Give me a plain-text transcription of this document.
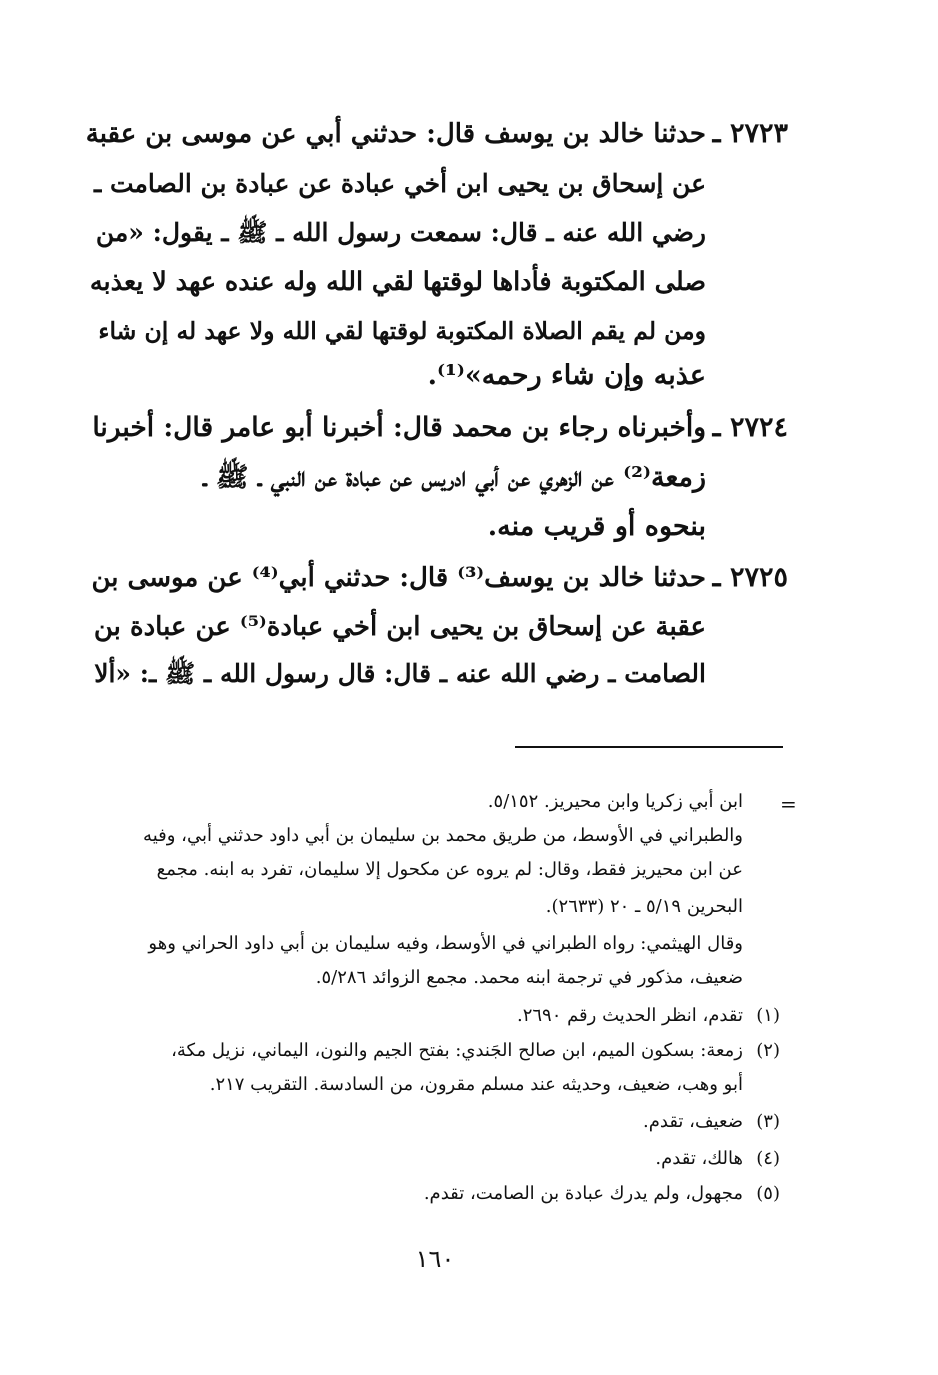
٢٧٢٣ ـ
حدثنا خالد بن يوسف قال: حدثني أبي عن موسى بن عقبة
عن إسحاق بن يحيى ابن أخي عبادة عن عبادة بن الصامت ـ
رضي الله عنه ـ قال: سمعت رسول الله ـ ﷺ ـ يقول: «من
صلى المكتوبة فأداها لوقتها لقي الله وله عنده عهد لا يعذبه
ومن لم يقم الصلاة المكتوبة لوقتها لقي الله ولا عهد له إن شاء
عذبه وإن شاء رحمه»⁽¹⁾.
٢٧٢٤ ـ
وأخبرناه رجاء بن محمد قال: أخبرنا أبو عامر قال: أخبرنا
زمعة⁽²⁾ عن الزهري عن أبي ادريس عن عبادة عن النبي ـ ﷺ ـ
بنحوه أو قريب منه.
٢٧٢٥ ـ
حدثنا خالد بن يوسف⁽³⁾ قال: حدثني أبي⁽⁴⁾ عن موسى بن
عقبة عن إسحاق بن يحيى ابن أخي عبادة⁽⁵⁾ عن عبادة بن
الصامت ـ رضي الله عنه ـ قال: قال رسول الله ـ ﷺ ـ: «ألا
=
ابن أبي زكريا وابن محيريز. ٥/١٥٢.
والطبراني في الأوسط، من طريق محمد بن سليمان بن أبي داود حدثني أبي، وفيه
عن ابن محيريز فقط، وقال: لم يروه عن مكحول إلا سليمان، تفرد به ابنه. مجمع
البحرين ٥/١٩ ـ ٢٠ (٢٦٣٣).
وقال الهيثمي: رواه الطبراني في الأوسط، وفيه سليمان بن أبي داود الحراني وهو
ضعيف، مذكور في ترجمة ابنه محمد. مجمع الزوائد ٥/٢٨٦.
(١)
تقدم، انظر الحديث رقم ٢٦٩٠.
(٢)
زمعة: بسكون الميم، ابن صالح الجَندي: بفتح الجيم والنون، اليماني، نزيل مكة،
أبو وهب، ضعيف، وحديثه عند مسلم مقرون، من السادسة. التقريب ٢١٧.
(٣)
ضعيف، تقدم.
(٤)
هالك، تقدم.
(٥)
مجهول، ولم يدرك عبادة بن الصامت، تقدم.
١٦٠
